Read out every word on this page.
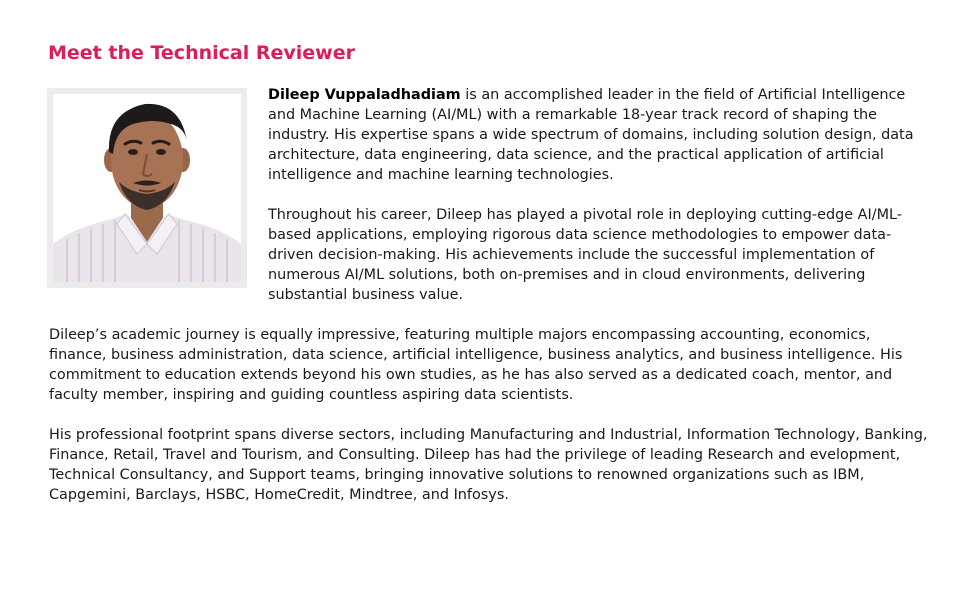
Meet the Technical Reviewer

Dileep Vuppaladhadiam is an accomplished leader in the field of Artificial Intelligence and Machine Learning (AI/ML) with a remarkable 18-year track record of shaping the industry. His expertise spans a wide spectrum of domains, including solution design, data architecture, data engineering, data science, and the practical application of artificial intelligence and machine learning technologies.

Throughout his career, Dileep has played a pivotal role in deploying cutting-edge AI/ML-based applications, employing rigorous data science methodologies to empower data-driven decision-making. His achievements include the successful implementation of numerous AI/ML solutions, both on-premises and in cloud environments, delivering substantial business value.

Dileep’s academic journey is equally impressive, featuring multiple majors encompassing accounting, economics, finance, business administration, data science, artificial intelligence, business analytics, and business intelligence. His commitment to education extends beyond his own studies, as he has also served as a dedicated coach, mentor, and faculty member, inspiring and guiding countless aspiring data scientists.

His professional footprint spans diverse sectors, including Manufacturing and Industrial, Information Technology, Banking, Finance, Retail, Travel and Tourism, and Consulting. Dileep has had the privilege of leading Research and evelopment, Technical Consultancy, and Support teams, bringing innovative solutions to renowned organizations such as IBM, Capgemini, Barclays, HSBC, HomeCredit, Mindtree, and Infosys.
